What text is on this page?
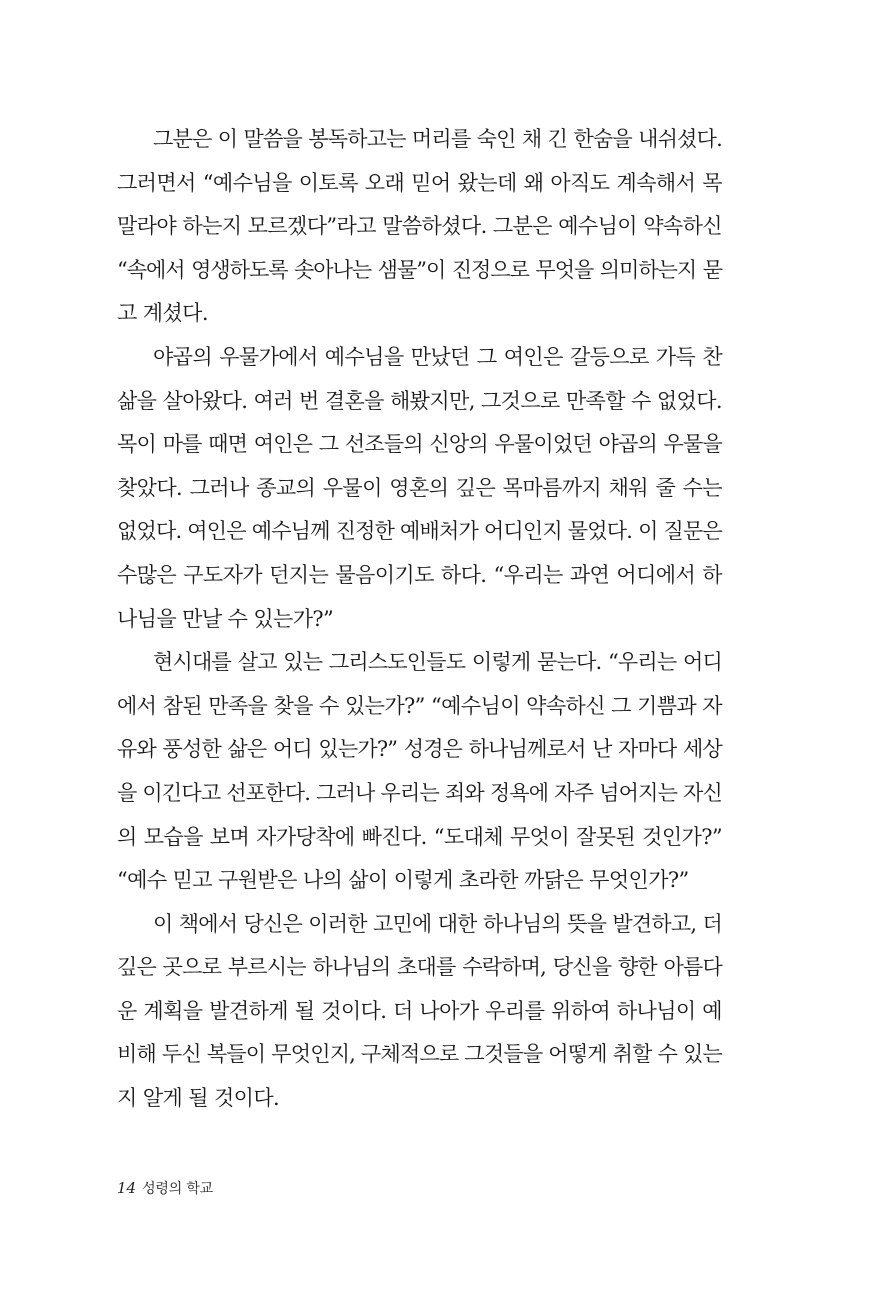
그분은 이 말씀을 봉독하고는 머리를 숙인 채 긴 한숨을 내쉬셨다.
그러면서 “예수님을 이토록 오래 믿어 왔는데 왜 아직도 계속해서 목
말라야 하는지 모르겠다”라고 말씀하셨다. 그분은 예수님이 약속하신
“속에서 영생하도록 솟아나는 샘물”이 진정으로 무엇을 의미하는지 묻
고 계셨다.

야곱의 우물가에서 예수님을 만났던 그 여인은 갈등으로 가득 찬
삶을 살아왔다. 여러 번 결혼을 해봤지만, 그것으로 만족할 수 없었다.
목이 마를 때면 여인은 그 선조들의 신앙의 우물이었던 야곱의 우물을
찾았다. 그러나 종교의 우물이 영혼의 깊은 목마름까지 채워 줄 수는
없었다. 여인은 예수님께 진정한 예배처가 어디인지 물었다. 이 질문은
수많은 구도자가 던지는 물음이기도 하다. “우리는 과연 어디에서 하
나님을 만날 수 있는가?”

현시대를 살고 있는 그리스도인들도 이렇게 묻는다. “우리는 어디
에서 참된 만족을 찾을 수 있는가?” “예수님이 약속하신 그 기쁨과 자
유와 풍성한 삶은 어디 있는가?” 성경은 하나님께로서 난 자마다 세상
을 이긴다고 선포한다. 그러나 우리는 죄와 정욕에 자주 넘어지는 자신
의 모습을 보며 자가당착에 빠진다. “도대체 무엇이 잘못된 것인가?”
“예수 믿고 구원받은 나의 삶이 이렇게 초라한 까닭은 무엇인가?”

이 책에서 당신은 이러한 고민에 대한 하나님의 뜻을 발견하고, 더
깊은 곳으로 부르시는 하나님의 초대를 수락하며, 당신을 향한 아름다
운 계획을 발견하게 될 것이다. 더 나아가 우리를 위하여 하나님이 예
비해 두신 복들이 무엇인지, 구체적으로 그것들을 어떻게 취할 수 있는
지 알게 될 것이다.

14 성령의 학교
